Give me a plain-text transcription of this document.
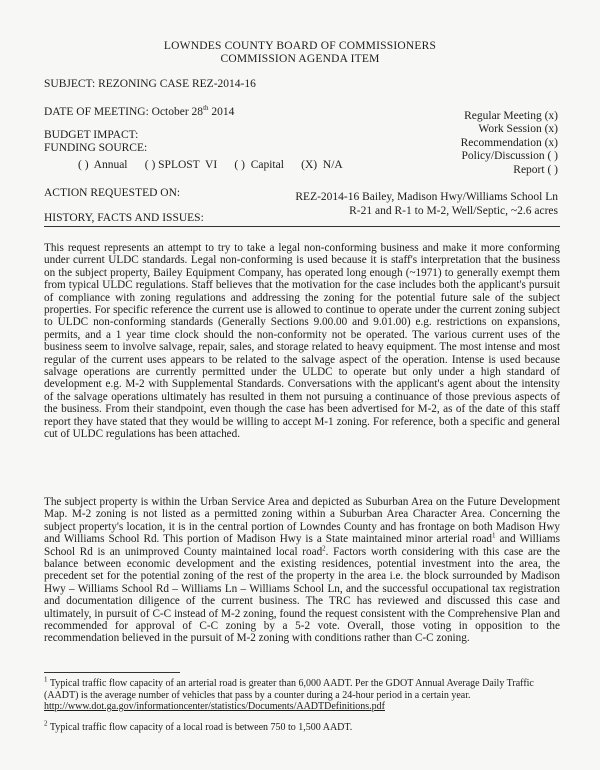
LOWNDES COUNTY BOARD OF COMMISSIONERS
COMMISSION AGENDA ITEM
SUBJECT: REZONING CASE REZ-2014-16
DATE OF MEETING: October 28th 2014	Regular Meeting (x)
Work Session (x)
Recommendation (x)
Policy/Discussion ( )
Report ( )
BUDGET IMPACT:
FUNDING SOURCE:
( )  Annual      ( ) SPLOST  VI      ( )  Capital      (X)  N/A
ACTION REQUESTED ON:	REZ-2014-16 Bailey, Madison Hwy/Williams School Ln
R-21 and R-1 to M-2, Well/Septic, ~2.6 acres
HISTORY, FACTS AND ISSUES:
This request represents an attempt to try to take a legal non-conforming business and make it more conforming under current ULDC standards. Legal non-conforming is used because it is staff's interpretation that the business on the subject property, Bailey Equipment Company, has operated long enough (~1971) to generally exempt them from typical ULDC regulations. Staff believes that the motivation for the case includes both the applicant's pursuit of compliance with zoning regulations and addressing the zoning for the potential future sale of the subject properties. For specific reference the current use is allowed to continue to operate under the current zoning subject to ULDC non-conforming standards (Generally Sections 9.00.00 and 9.01.00) e.g. restrictions on expansions, permits, and a 1 year time clock should the non-conformity not be operated. The various current uses of the business seem to involve salvage, repair, sales, and storage related to heavy equipment. The most intense and most regular of the current uses appears to be related to the salvage aspect of the operation. Intense is used because salvage operations are currently permitted under the ULDC to operate but only under a high standard of development e.g. M-2 with Supplemental Standards. Conversations with the applicant's agent about the intensity of the salvage operations ultimately has resulted in them not pursuing a continuance of those previous aspects of the business. From their standpoint, even though the case has been advertised for M-2, as of the date of this staff report they have stated that they would be willing to accept M-1 zoning. For reference, both a specific and general cut of ULDC regulations has been attached.
The subject property is within the Urban Service Area and depicted as Suburban Area on the Future Development Map. M-2 zoning is not listed as a permitted zoning within a Suburban Area Character Area. Concerning the subject property's location, it is in the central portion of Lowndes County and has frontage on both Madison Hwy and Williams School Rd. This portion of Madison Hwy is a State maintained minor arterial road$^1$ and Williams School Rd is an unimproved County maintained local road$^2$. Factors worth considering with this case are the balance between economic development and the existing residences, potential investment into the area, the precedent set for the potential zoning of the rest of the property in the area i.e. the block surrounded by Madison Hwy – Williams School Rd – Williams Ln – Williams School Ln, and the successful occupational tax registration and documentation diligence of the current business. The TRC has reviewed and discussed this case and ultimately, in pursuit of C-C instead of M-2 zoning, found the request consistent with the Comprehensive Plan and recommended for approval of C-C zoning by a 5-2 vote. Overall, those voting in opposition to the recommendation believed in the pursuit of M-2 zoning with conditions rather than C-C zoning.
$^1$ Typical traffic flow capacity of an arterial road is greater than 6,000 AADT. Per the GDOT Annual Average Daily Traffic (AADT) is the average number of vehicles that pass by a counter during a 24-hour period in a certain year.
http://www.dot.ga.gov/informationcenter/statistics/Documents/AADTDefinitions.pdf
$^2$ Typical traffic flow capacity of a local road is between 750 to 1,500 AADT.
